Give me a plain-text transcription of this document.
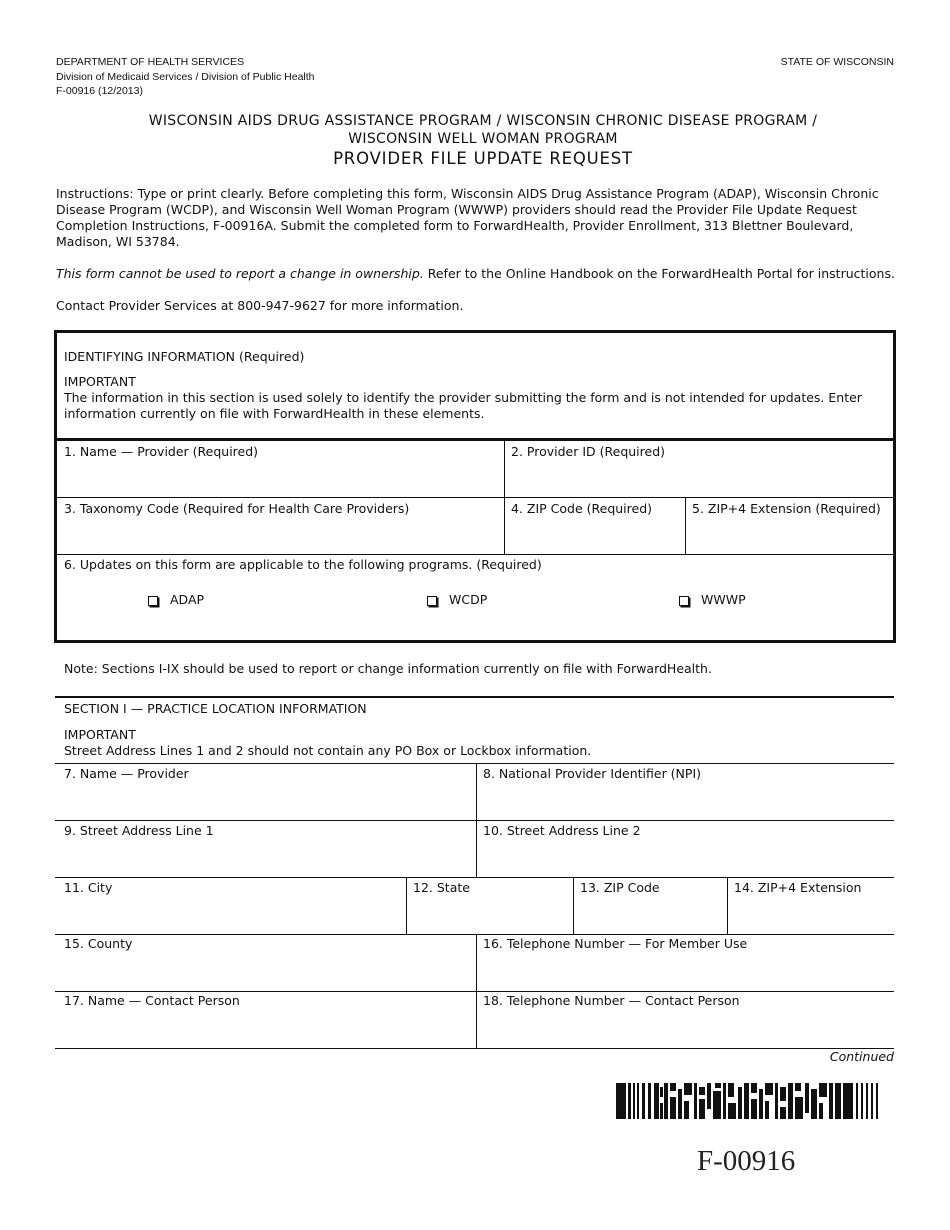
DEPARTMENT OF HEALTH SERVICES
Division of Medicaid Services / Division of Public Health
F-00916 (12/2013)
STATE OF WISCONSIN
WISCONSIN AIDS DRUG ASSISTANCE PROGRAM / WISCONSIN CHRONIC DISEASE PROGRAM /
WISCONSIN WELL WOMAN PROGRAM
PROVIDER FILE UPDATE REQUEST
Instructions: Type or print clearly. Before completing this form, Wisconsin AIDS Drug Assistance Program (ADAP), Wisconsin Chronic
Disease Program (WCDP), and Wisconsin Well Woman Program (WWWP) providers should read the Provider File Update Request
Completion Instructions, F-00916A. Submit the completed form to ForwardHealth, Provider Enrollment, 313 Blettner Boulevard,
Madison, WI 53784.
This form cannot be used to report a change in ownership. Refer to the Online Handbook on the ForwardHealth Portal for instructions.
Contact Provider Services at 800-947-9627 for more information.
IDENTIFYING INFORMATION (Required)
IMPORTANT
The information in this section is used solely to identify the provider submitting the form and is not intended for updates. Enter
information currently on file with ForwardHealth in these elements.
1. Name — Provider (Required)	2. Provider ID (Required)
3. Taxonomy Code (Required for Health Care Providers)	4. ZIP Code (Required)	5. ZIP+4 Extension (Required)
6. Updates on this form are applicable to the following programs. (Required)
ADAP	WCDP	WWWP
Note: Sections I-IX should be used to report or change information currently on file with ForwardHealth.
SECTION I — PRACTICE LOCATION INFORMATION
IMPORTANT
Street Address Lines 1 and 2 should not contain any PO Box or Lockbox information.
7. Name — Provider	8. National Provider Identifier (NPI)
9. Street Address Line 1	10. Street Address Line 2
11. City	12. State	13. ZIP Code	14. ZIP+4 Extension
15. County	16. Telephone Number — For Member Use
17. Name — Contact Person	18. Telephone Number — Contact Person
Continued
F-00916
